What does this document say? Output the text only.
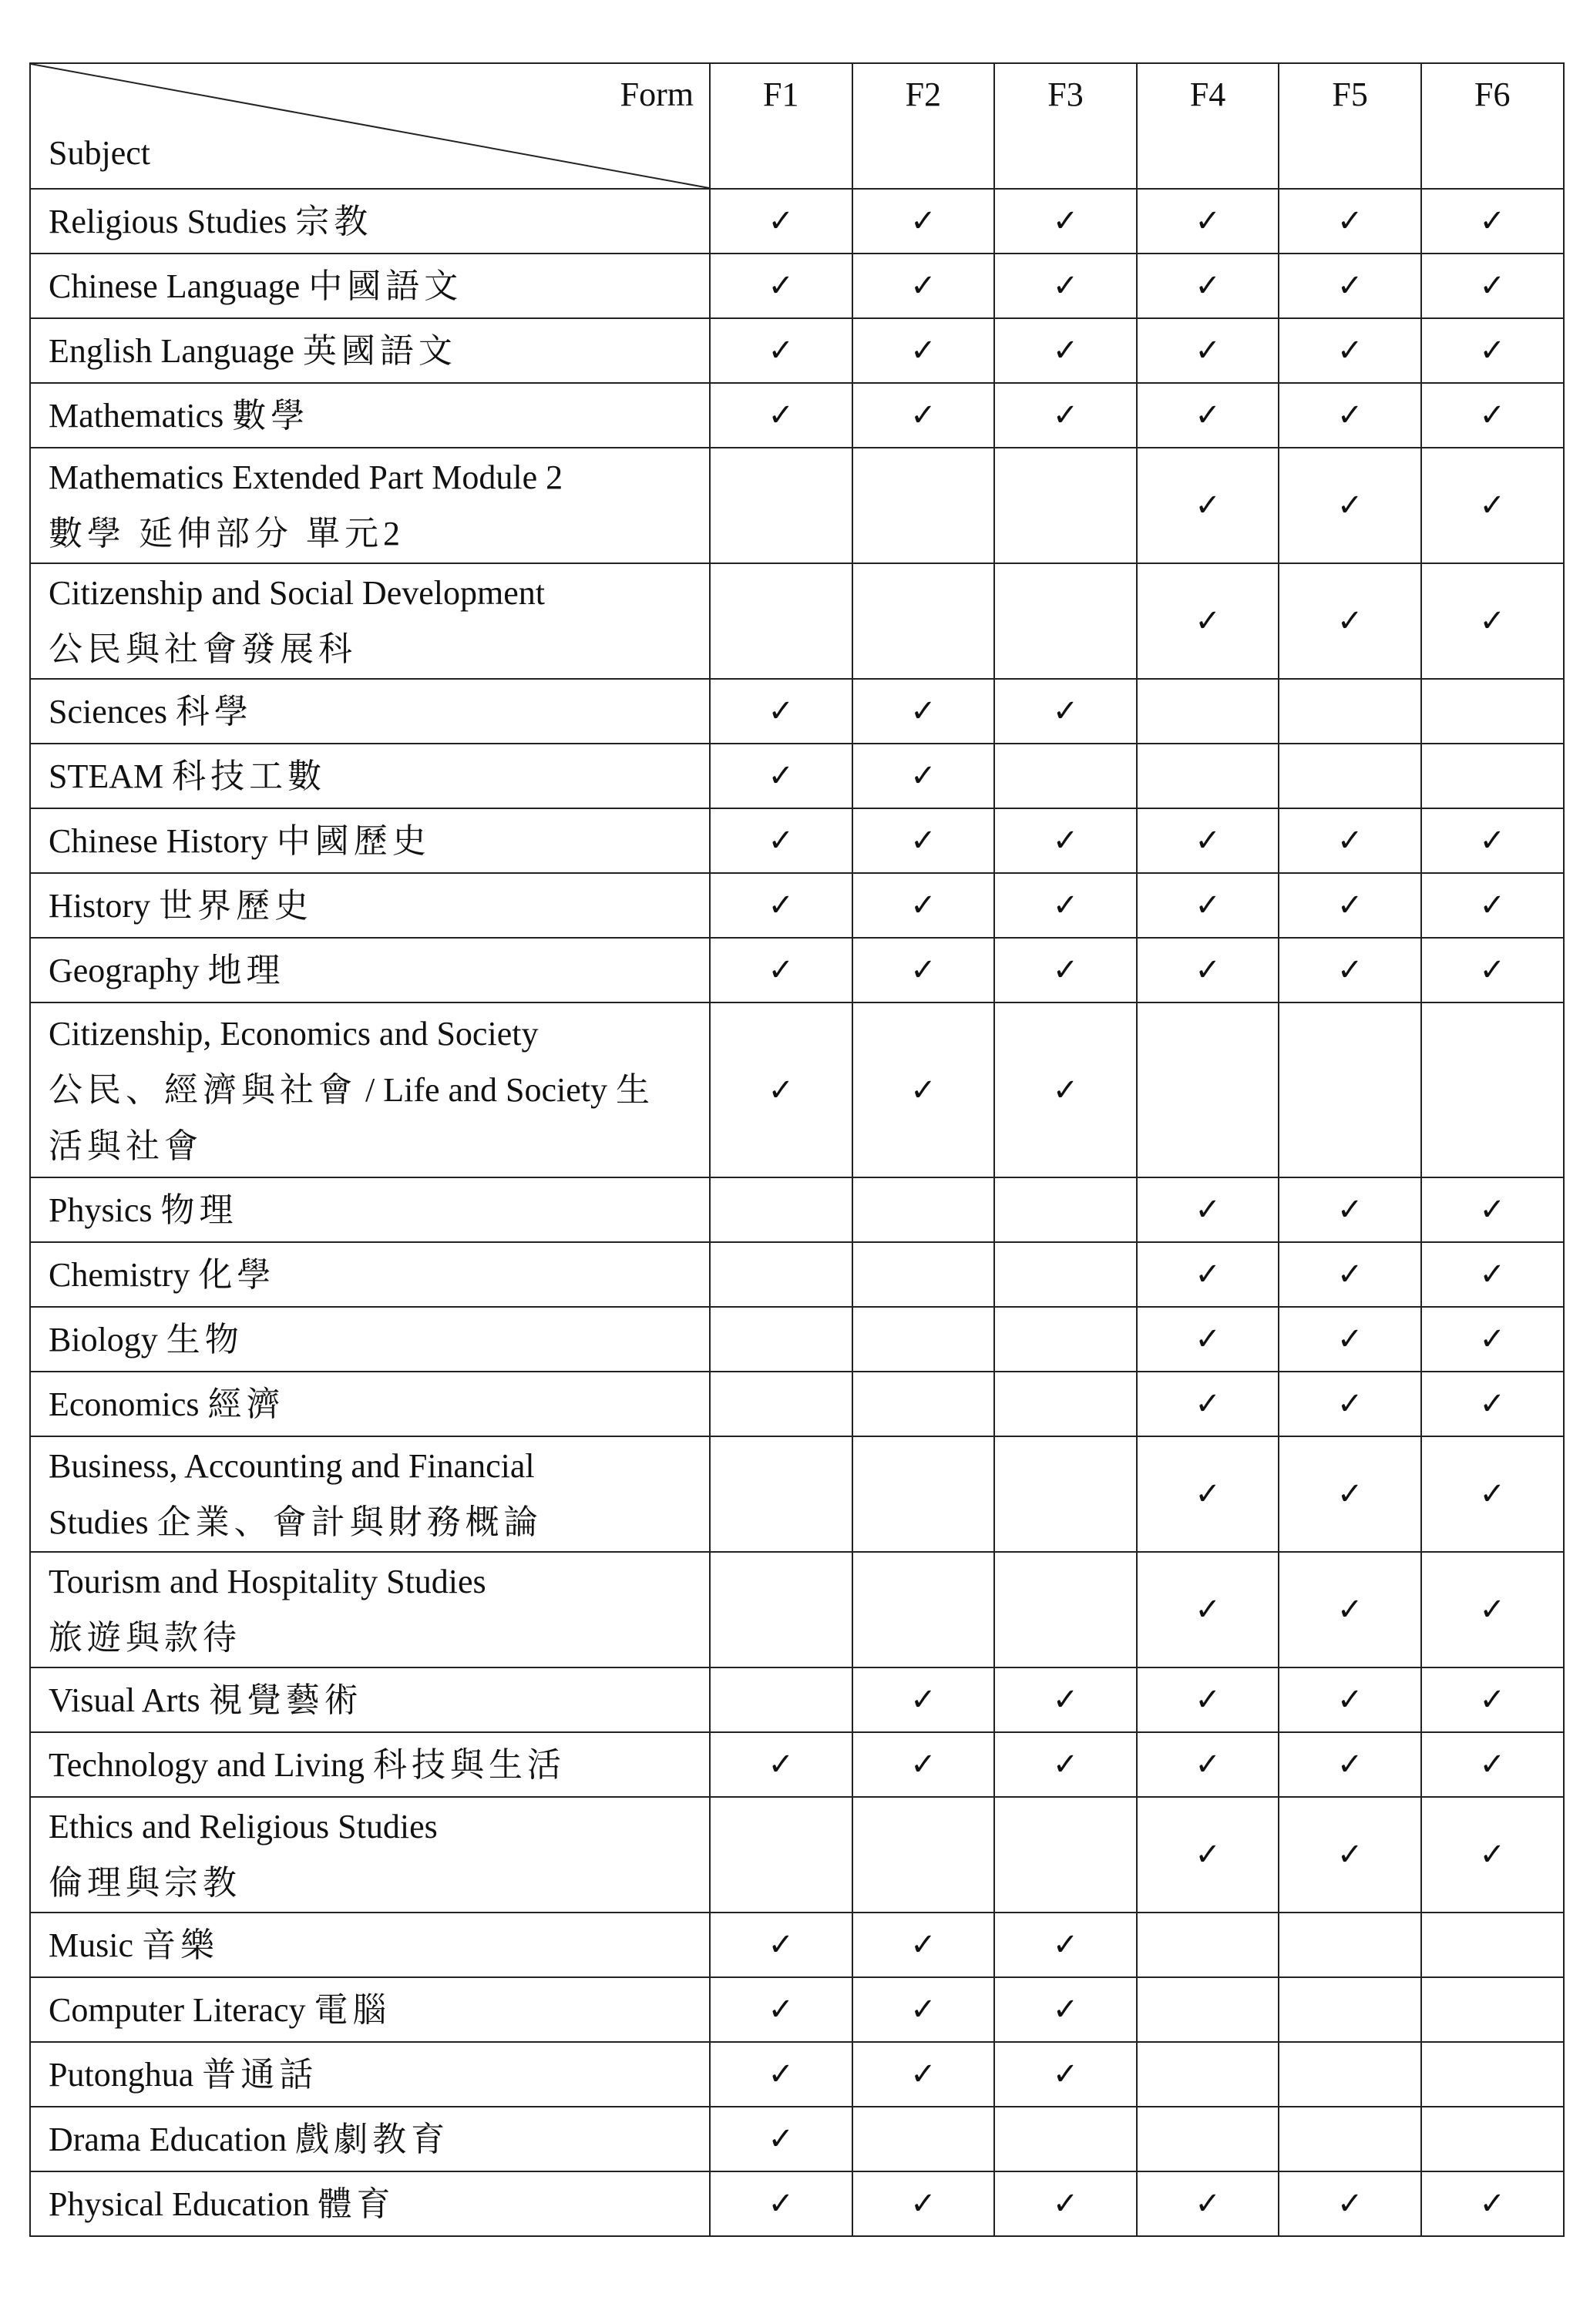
Form
Subject	F1	F2	F3	F4	F5	F6

Religious Studies 宗教	✓	✓	✓	✓	✓	✓

Chinese Language 中國語文	✓	✓	✓	✓	✓	✓

English Language 英國語文	✓	✓	✓	✓	✓	✓

Mathematics 數學	✓	✓	✓	✓	✓	✓

Mathematics Extended Part Module 2
數學 延伸部分 單元2				✓	✓	✓

Citizenship and Social Development
公民與社會發展科				✓	✓	✓

Sciences 科學	✓	✓	✓			

STEAM 科技工數	✓	✓				

Chinese History 中國歷史	✓	✓	✓	✓	✓	✓

History 世界歷史	✓	✓	✓	✓	✓	✓

Geography 地理	✓	✓	✓	✓	✓	✓

Citizenship, Economics and Society
公民、經濟與社會 / Life and Society 生
活與社會	✓	✓	✓			

Physics 物理				✓	✓	✓

Chemistry 化學				✓	✓	✓

Biology 生物				✓	✓	✓

Economics 經濟				✓	✓	✓

Business, Accounting and Financial
Studies 企業、會計與財務概論				✓	✓	✓

Tourism and Hospitality Studies
旅遊與款待				✓	✓	✓

Visual Arts 視覺藝術		✓	✓	✓	✓	✓

Technology and Living 科技與生活	✓	✓	✓	✓	✓	✓

Ethics and Religious Studies
倫理與宗教				✓	✓	✓

Music 音樂	✓	✓	✓			

Computer Literacy 電腦	✓	✓	✓			

Putonghua 普通話	✓	✓	✓			

Drama Education 戲劇教育	✓					

Physical Education 體育	✓	✓	✓	✓	✓	✓
